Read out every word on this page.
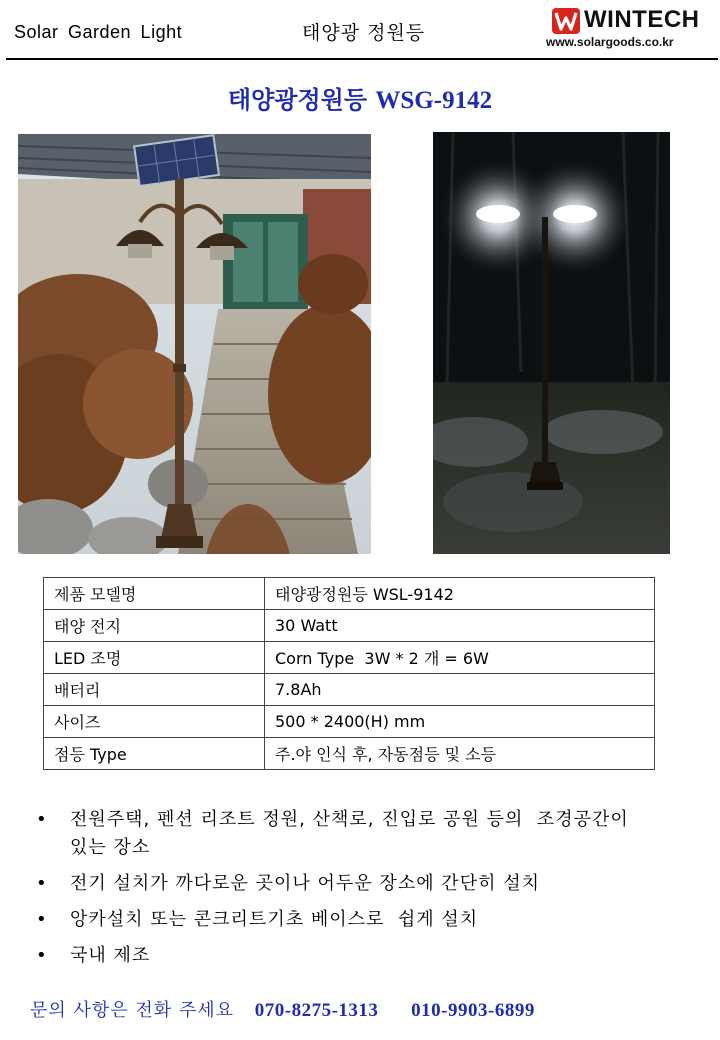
Solar Garden Light	태양광 정원등	WINTECH
www.solargoods.co.kr
태양광정원등 WSG-9142
제품 모델명	태양광정원등 WSL-9142
태양 전지	30 Watt
LED 조명	Corn Type  3W * 2 개 = 6W
배터리	7.8Ah
사이즈	500 * 2400(H) mm
점등 Type	주.야 인식 후, 자동점등 및 소등
• 전원주택, 펜션 리조트 정원, 산책로, 진입로 공원 등의  조경공간이
있는 장소
• 전기 설치가 까다로운 곳이나 어두운 장소에 간단히 설치
• 앙카설치 또는 콘크리트기초 베이스로  쉽게 설치
• 국내 제조
문의 사항은 전화 주세요 070-8275-1313 010-9903-6899
